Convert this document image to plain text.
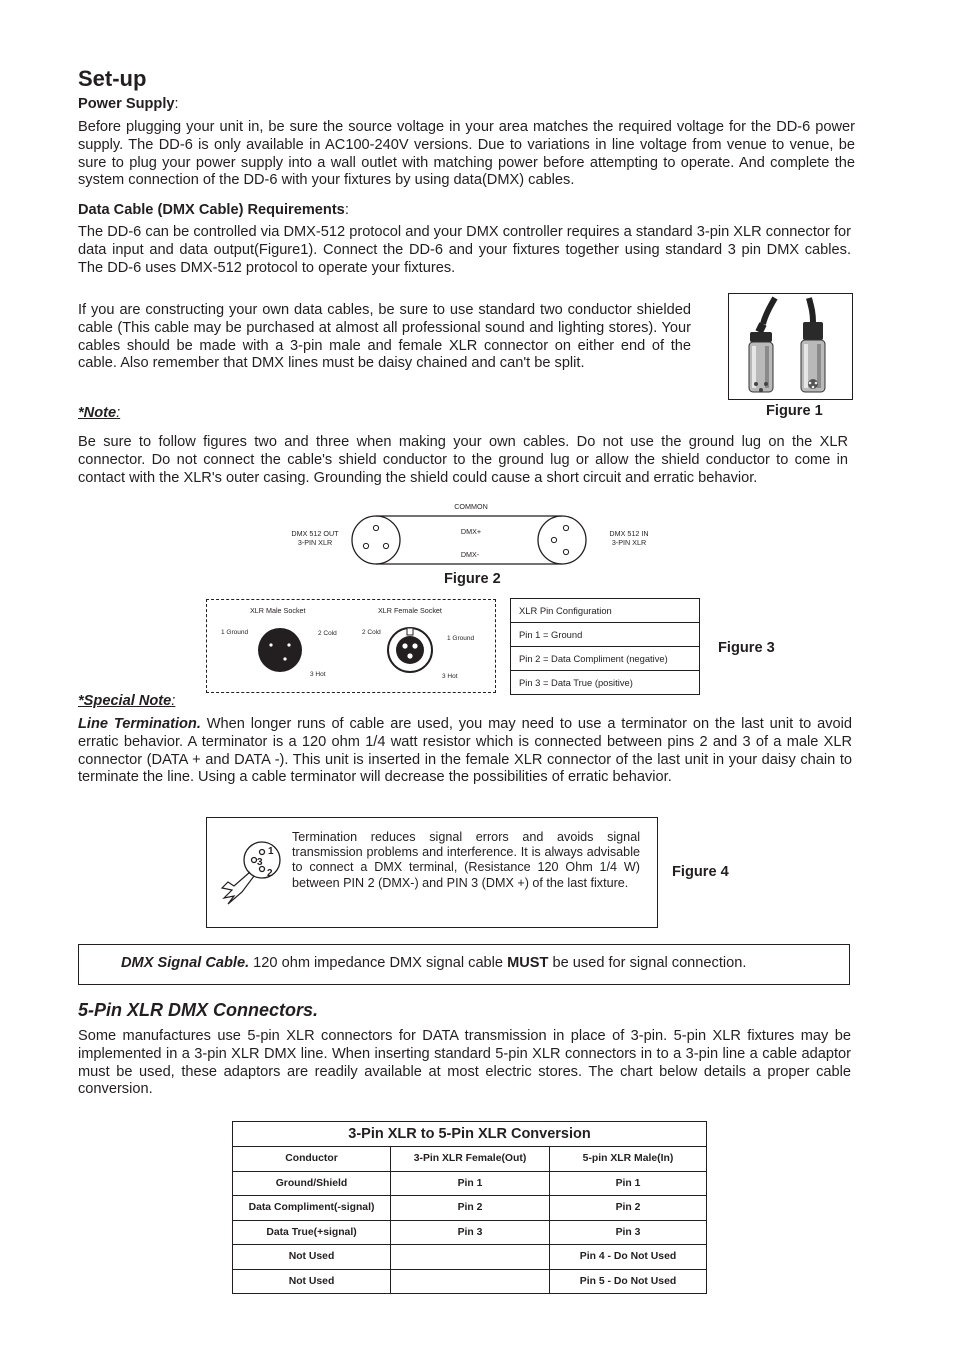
Set-up
Power Supply:
Before plugging your unit in, be sure the source voltage in your area matches the required voltage for the DD-6 power supply. The DD-6 is only available in AC100-240V versions. Due to variations in line voltage from venue to venue, be sure to plug your power supply into a wall outlet with matching power before attempting to operate. And complete the system connection of the DD-6 with your fixtures by using data(DMX) cables.
Data Cable (DMX Cable) Requirements:
The DD-6 can be controlled via DMX-512 protocol and your DMX controller requires a standard 3-pin XLR connector for data input and data output(Figure1). Connect the DD-6 and your fixtures together using standard 3 pin DMX cables. The DD-6 uses DMX-512 protocol to operate your fixtures.
If you are constructing your own data cables, be sure to use standard two conductor shielded cable (This cable may be purchased at almost all professional sound and lighting stores). Your cables should be made with a 3-pin male and female XLR connector on either end of the cable. Also remember that DMX lines must be daisy chained and can't be split.
Figure 1
*Note:
Be sure to follow figures two and three when making your own cables. Do not use the ground lug on the XLR connector. Do not connect the cable's shield conductor to the ground lug or allow the shield conductor to come in contact with the XLR's outer casing. Grounding the shield could cause a short circuit and erratic behavior.
COMMON
DMX+
DMX-
DMX 512 OUT
3-PIN XLR
DMX 512 IN
3-PIN XLR
Figure 2
XLR Male Socket	XLR Female Socket
1 Ground	2 Cold
3 Hot
2 Cold
1 Ground
3 Hot
XLR Pin Configuration
Pin 1 = Ground
Pin 2 = Data Compliment (negative)
Pin 3 = Data True (positive)
Figure 3
*Special Note:
Line Termination. When longer runs of cable are used, you may need to use a terminator on the last unit to avoid erratic behavior. A terminator is a 120 ohm 1/4 watt resistor which is connected between pins 2 and 3 of a male XLR connector (DATA + and DATA -). This unit is inserted in the female XLR connector of the last unit in your daisy chain to terminate the line. Using a cable terminator will decrease the possibilities of erratic behavior.
1
3
2
Termination reduces signal errors and avoids signal transmission problems and interference. It is always advisable to connect a DMX terminal, (Resistance 120 Ohm 1/4 W) between PIN 2 (DMX-) and PIN 3 (DMX +) of the last fixture.
Figure 4
DMX Signal Cable. 120 ohm impedance DMX signal cable MUST be used for signal connection.
5-Pin XLR DMX Connectors.
Some manufactures use 5-pin XLR connectors for DATA transmission in place of 3-pin. 5-pin XLR fixtures may be implemented in a 3-pin XLR DMX line. When inserting standard 5-pin XLR connectors in to a 3-pin line a cable adaptor must be used, these adaptors are readily available at most electric stores. The chart below details a proper cable conversion.
3-Pin XLR to 5-Pin XLR Conversion		
Conductor	3-Pin XLR Female(Out)	5-pin XLR Male(In)
Ground/Shield	Pin 1	Pin 1
Data Compliment(-signal)	Pin 2	Pin 2
Data True(+signal)	Pin 3	Pin 3
Not Used		Pin 4 - Do Not Used
Not Used		Pin 5 - Do Not Used
